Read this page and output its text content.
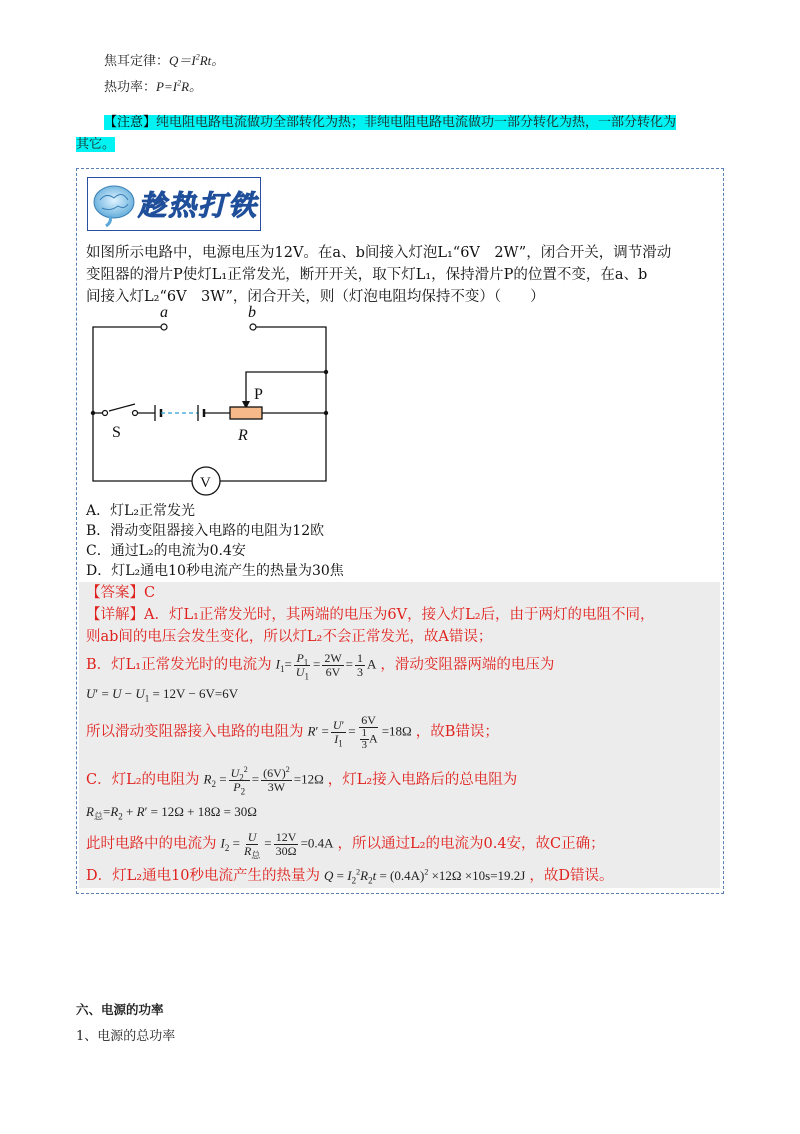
焦耳定律：$Q=I^2Rt$。
热功率：$P=I^2R$。
【注意】纯电阻电路电流做功全部转化为热；非纯电阻电路电流做功一部分转化为热，一部分转化为
其它。
趁热打铁
如图所示电路中，电源电压为12V。在a、b间接入灯泡L₁“6V　2W”，闭合开关，调节滑动
变阻器的滑片P使灯L₁正常发光，断开开关，取下灯L₁，保持滑片P的位置不变，在a、b
间接入灯L₂“6V　3W”，闭合开关，则（灯泡电阻均保持不变）（　　）
a	b
P
S	R
V
A．灯L₂正常发光
B．滑动变阻器接入电路的电阻为12欧
C．通过L₂的电流为0.4安
D．灯L₂通电10秒电流产生的热量为30焦
【答案】C
【详解】A．灯L₁正常发光时，其两端的电压为6V，接入灯L₂后，由于两灯的电阻不同，
则ab间的电压会发生变化，所以灯L₂不会正常发光，故A错误；
B．灯L₁正常发光时的电流为 $I_1= \frac{P_1}{U_1} = \frac{2W}{6V} = \frac{1}{3}$ A ，滑动变阻器两端的电压为
$U' = U - U_1 = 12V - 6V=6V$
所以滑动变阻器接入电路的电阻为 $R' = \frac{U'}{I_1} = \frac{6V}{\frac{1}{3} A} =18\Omega$ ，故B错误；
C．灯L₂的电阻为 $R_2 = \frac{U_2^2}{P_2} = \frac{(6V)^2}{3W} =12\Omega$ ，灯L₂接入电路后的总电阻为
$R_总=R_2 + R' = 12\Omega + 18\Omega = 30\Omega$
此时电路中的电流为 $I_2 = U$
$R_总$
= $\frac{12V}{30\Omega} =0.4A$ ，所以通过L₂的电流为0.4安，故C正确；
D．灯L₂通电10秒电流产生的热量为 $Q = I_2^2R_2t = (0.4A)^2 \times 12\Omega \times 10s=19.2J$ ，故D错误。
六、电源的功率
1、电源的总功率
